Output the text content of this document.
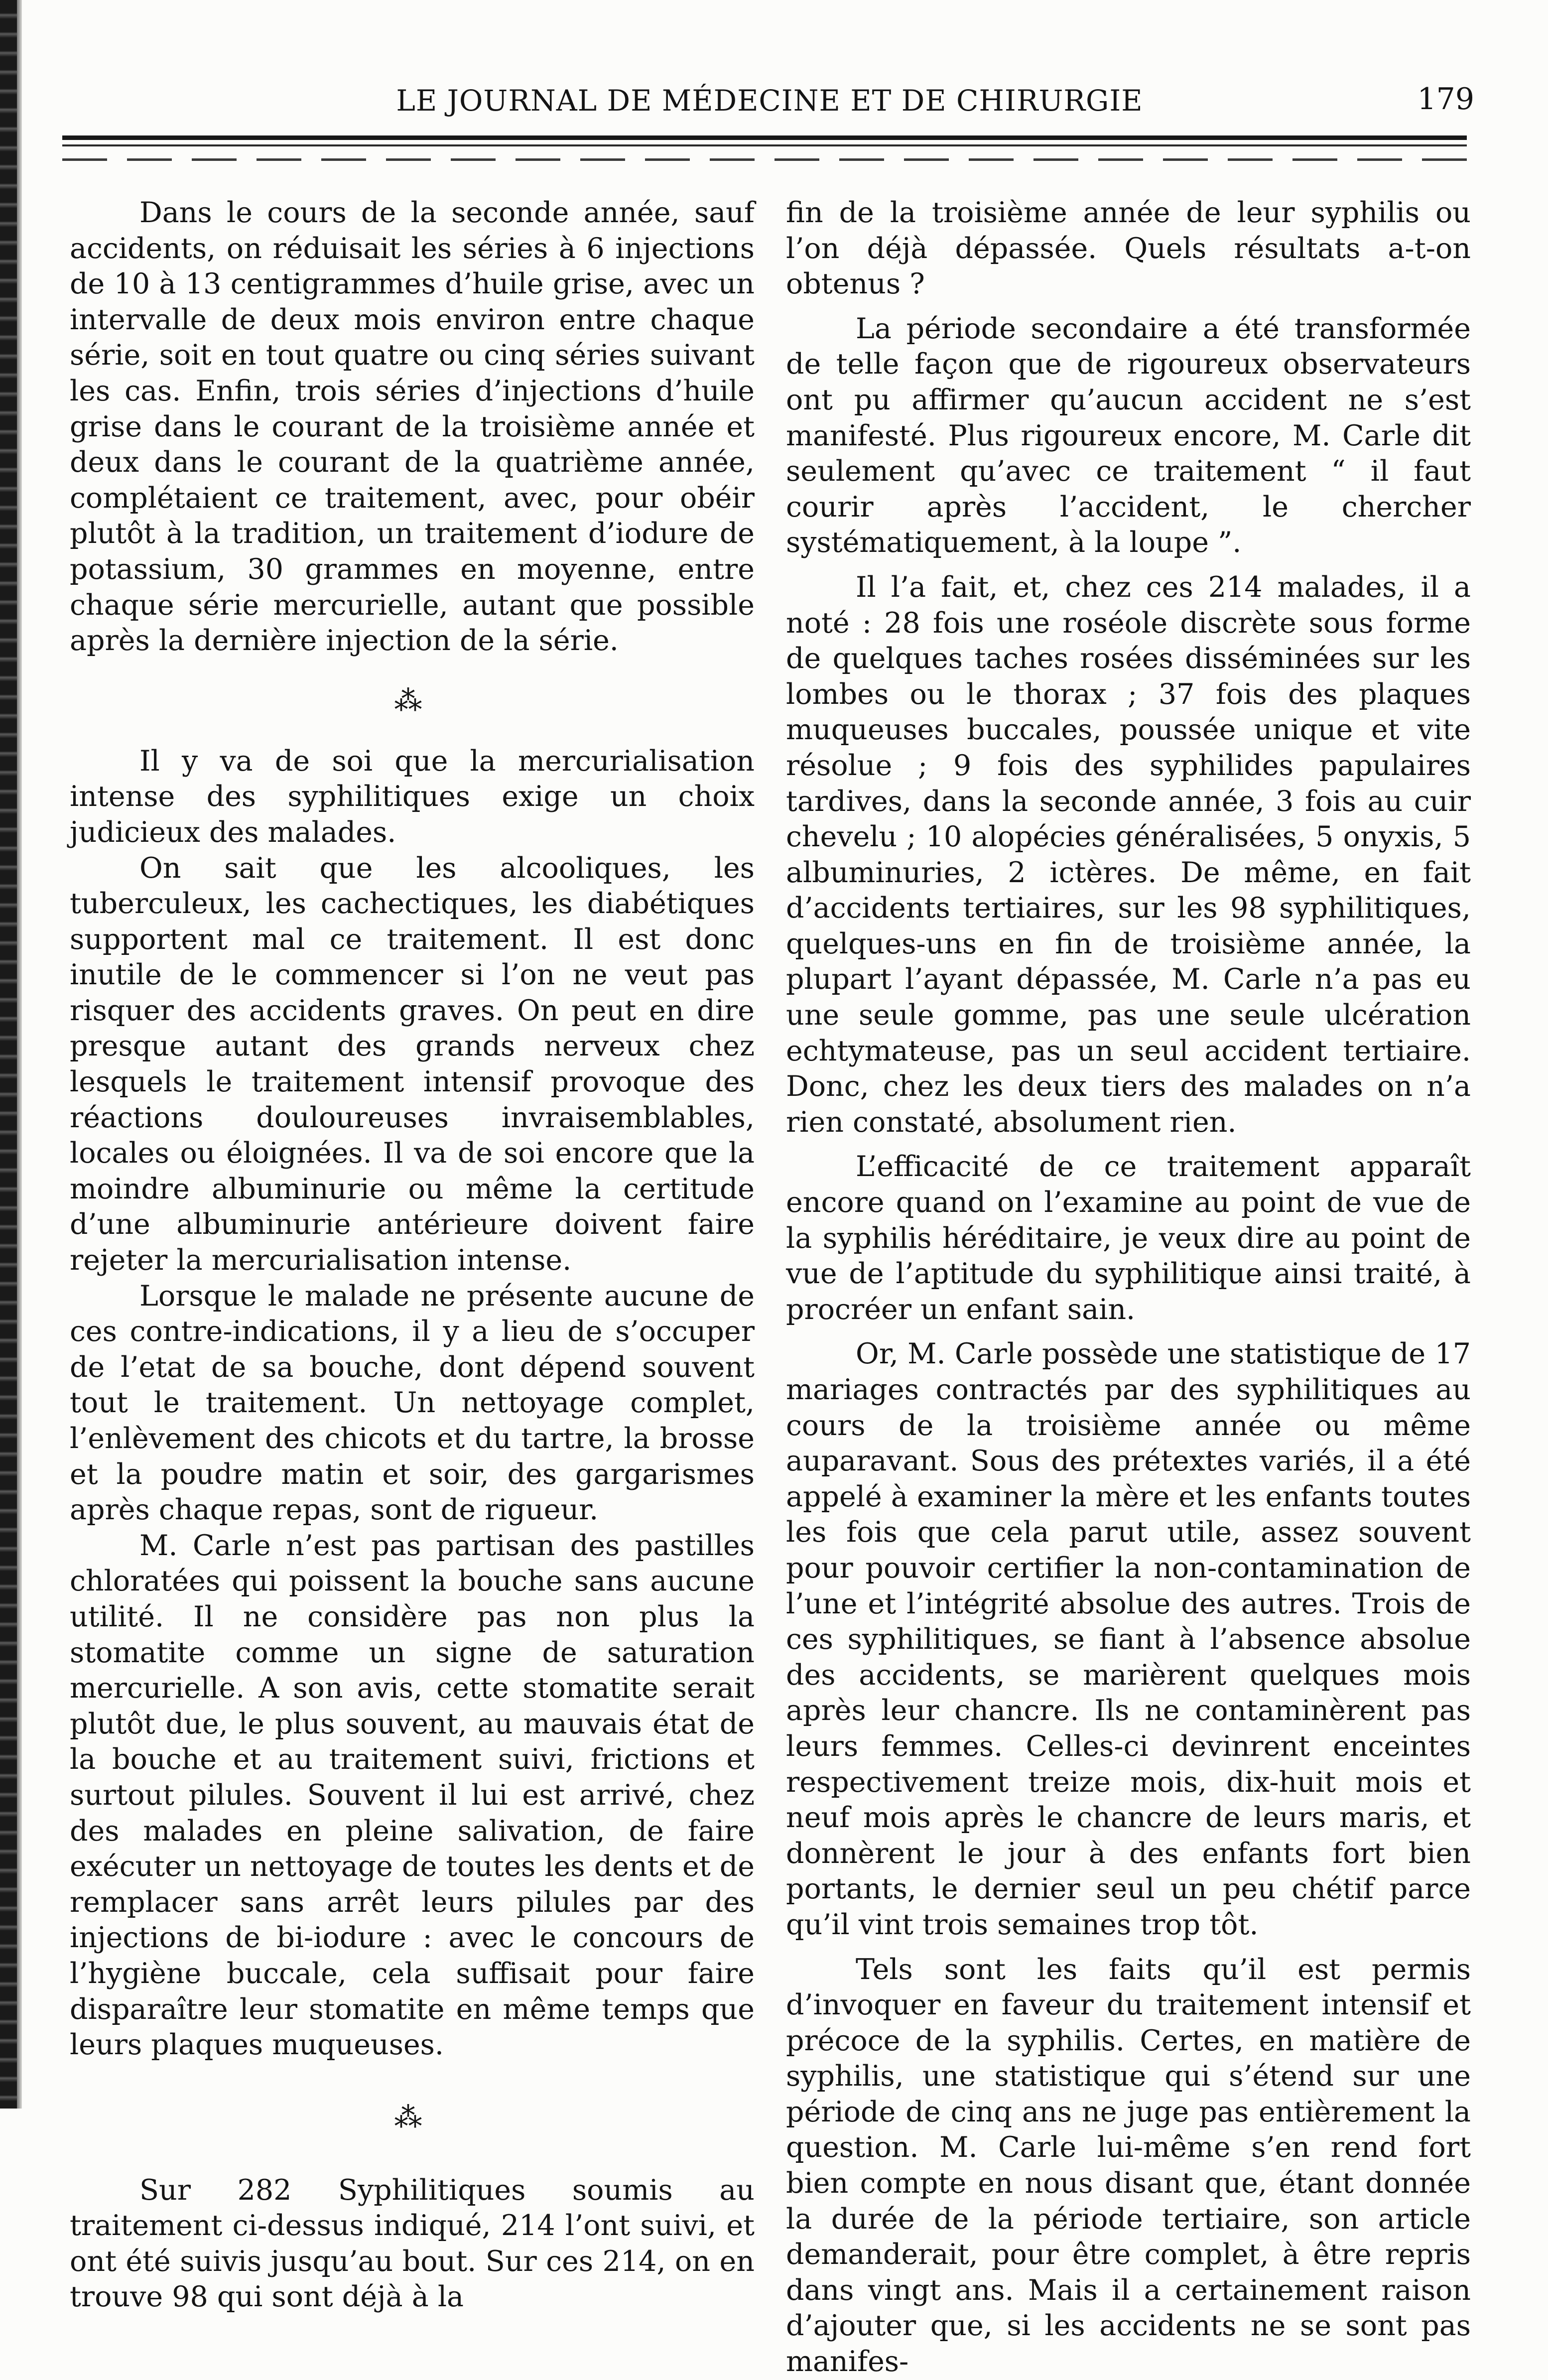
LE JOURNAL DE MÉDECINE ET DE CHIRURGIE	179

Dans le cours de la seconde année, sauf accidents, on réduisait les séries à 6 injections de 10 à 13 centigrammes d’huile grise, avec un intervalle de deux mois environ entre chaque série, soit en tout quatre ou cinq séries suivant les cas. Enfin, trois séries d’injections d’huile grise dans le courant de la troisième année et deux dans le courant de la quatrième année, complétaient ce traitement, avec, pour obéir plutôt à la tradition, un traitement d’iodure de potassium, 30 grammes en moyenne, entre chaque série mercurielle, autant que possible après la dernière injection de la série.

⁂

Il y va de soi que la mercurialisation intense des syphilitiques exige un choix judicieux des malades.

On sait que les alcooliques, les tuberculeux, les cachectiques, les diabétiques supportent mal ce traitement. Il est donc inutile de le commencer si l’on ne veut pas risquer des accidents graves. On peut en dire presque autant des grands nerveux chez lesquels le traitement intensif provoque des réactions douloureuses invraisemblables, locales ou éloignées. Il va de soi encore que la moindre albuminurie ou même la certitude d’une albuminurie antérieure doivent faire rejeter la mercurialisation intense.

Lorsque le malade ne présente aucune de ces contre-indications, il y a lieu de s’occuper de l’etat de sa bouche, dont dépend souvent tout le traitement. Un nettoyage complet, l’enlèvement des chicots et du tartre, la brosse et la poudre matin et soir, des gargarismes après chaque repas, sont de rigueur.

M. Carle n’est pas partisan des pastilles chloratées qui poissent la bouche sans aucune utilité. Il ne considère pas non plus la stomatite comme un signe de saturation mercurielle. A son avis, cette stomatite serait plutôt due, le plus souvent, au mauvais état de la bouche et au traitement suivi, frictions et surtout pilules. Souvent il lui est arrivé, chez des malades en pleine salivation, de faire exécuter un nettoyage de toutes les dents et de remplacer sans arrêt leurs pilules par des injections de bi-iodure : avec le concours de l’hygiène buccale, cela suffisait pour faire disparaître leur stomatite en même temps que leurs plaques muqueuses.

⁂

Sur 282 Syphilitiques soumis au traitement ci-dessus indiqué, 214 l’ont suivi, et ont été suivis jusqu’au bout. Sur ces 214, on en trouve 98 qui sont déjà à la

fin de la troisième année de leur syphilis ou l’on déjà dépassée. Quels résultats a-t-on obtenus ?

La période secondaire a été transformée de telle façon que de rigoureux observateurs ont pu affirmer qu’aucun accident ne s’est manifesté. Plus rigoureux encore, M. Carle dit seulement qu’avec ce traitement “ il faut courir après l’accident, le chercher systématiquement, à la loupe ”.

Il l’a fait, et, chez ces 214 malades, il a noté : 28 fois une roséole discrète sous forme de quelques taches rosées disséminées sur les lombes ou le thorax ; 37 fois des plaques muqueuses buccales, poussée unique et vite résolue ; 9 fois des syphilides papulaires tardives, dans la seconde année, 3 fois au cuir chevelu ; 10 alopécies généralisées, 5 onyxis, 5 albuminuries, 2 ictères. De même, en fait d’accidents tertiaires, sur les 98 syphilitiques, quelques-uns en fin de troisième année, la plupart l’ayant dépassée, M. Carle n’a pas eu une seule gomme, pas une seule ulcération echtymateuse, pas un seul accident tertiaire. Donc, chez les deux tiers des malades on n’a rien constaté, absolument rien.

L’efficacité de ce traitement apparaît encore quand on l’examine au point de vue de la syphilis héréditaire, je veux dire au point de vue de l’aptitude du syphilitique ainsi traité, à procréer un enfant sain.

Or, M. Carle possède une statistique de 17 mariages contractés par des syphilitiques au cours de la troisième année ou même auparavant. Sous des prétextes variés, il a été appelé à examiner la mère et les enfants toutes les fois que cela parut utile, assez souvent pour pouvoir certifier la non-contamination de l’une et l’intégrité absolue des autres. Trois de ces syphilitiques, se fiant à l’absence absolue des accidents, se marièrent quelques mois après leur chancre. Ils ne contaminèrent pas leurs femmes. Celles-ci devinrent enceintes respectivement treize mois, dix-huit mois et neuf mois après le chancre de leurs maris, et donnèrent le jour à des enfants fort bien portants, le dernier seul un peu chétif parce qu’il vint trois semaines trop tôt.

Tels sont les faits qu’il est permis d’invoquer en faveur du traitement intensif et précoce de la syphilis. Certes, en matière de syphilis, une statistique qui s’étend sur une période de cinq ans ne juge pas entièrement la question. M. Carle lui-même s’en rend fort bien compte en nous disant que, étant donnée la durée de la période tertiaire, son article demanderait, pour être complet, à être repris dans vingt ans. Mais il a certainement raison d’ajouter que, si les accidents ne se sont pas manifes-
